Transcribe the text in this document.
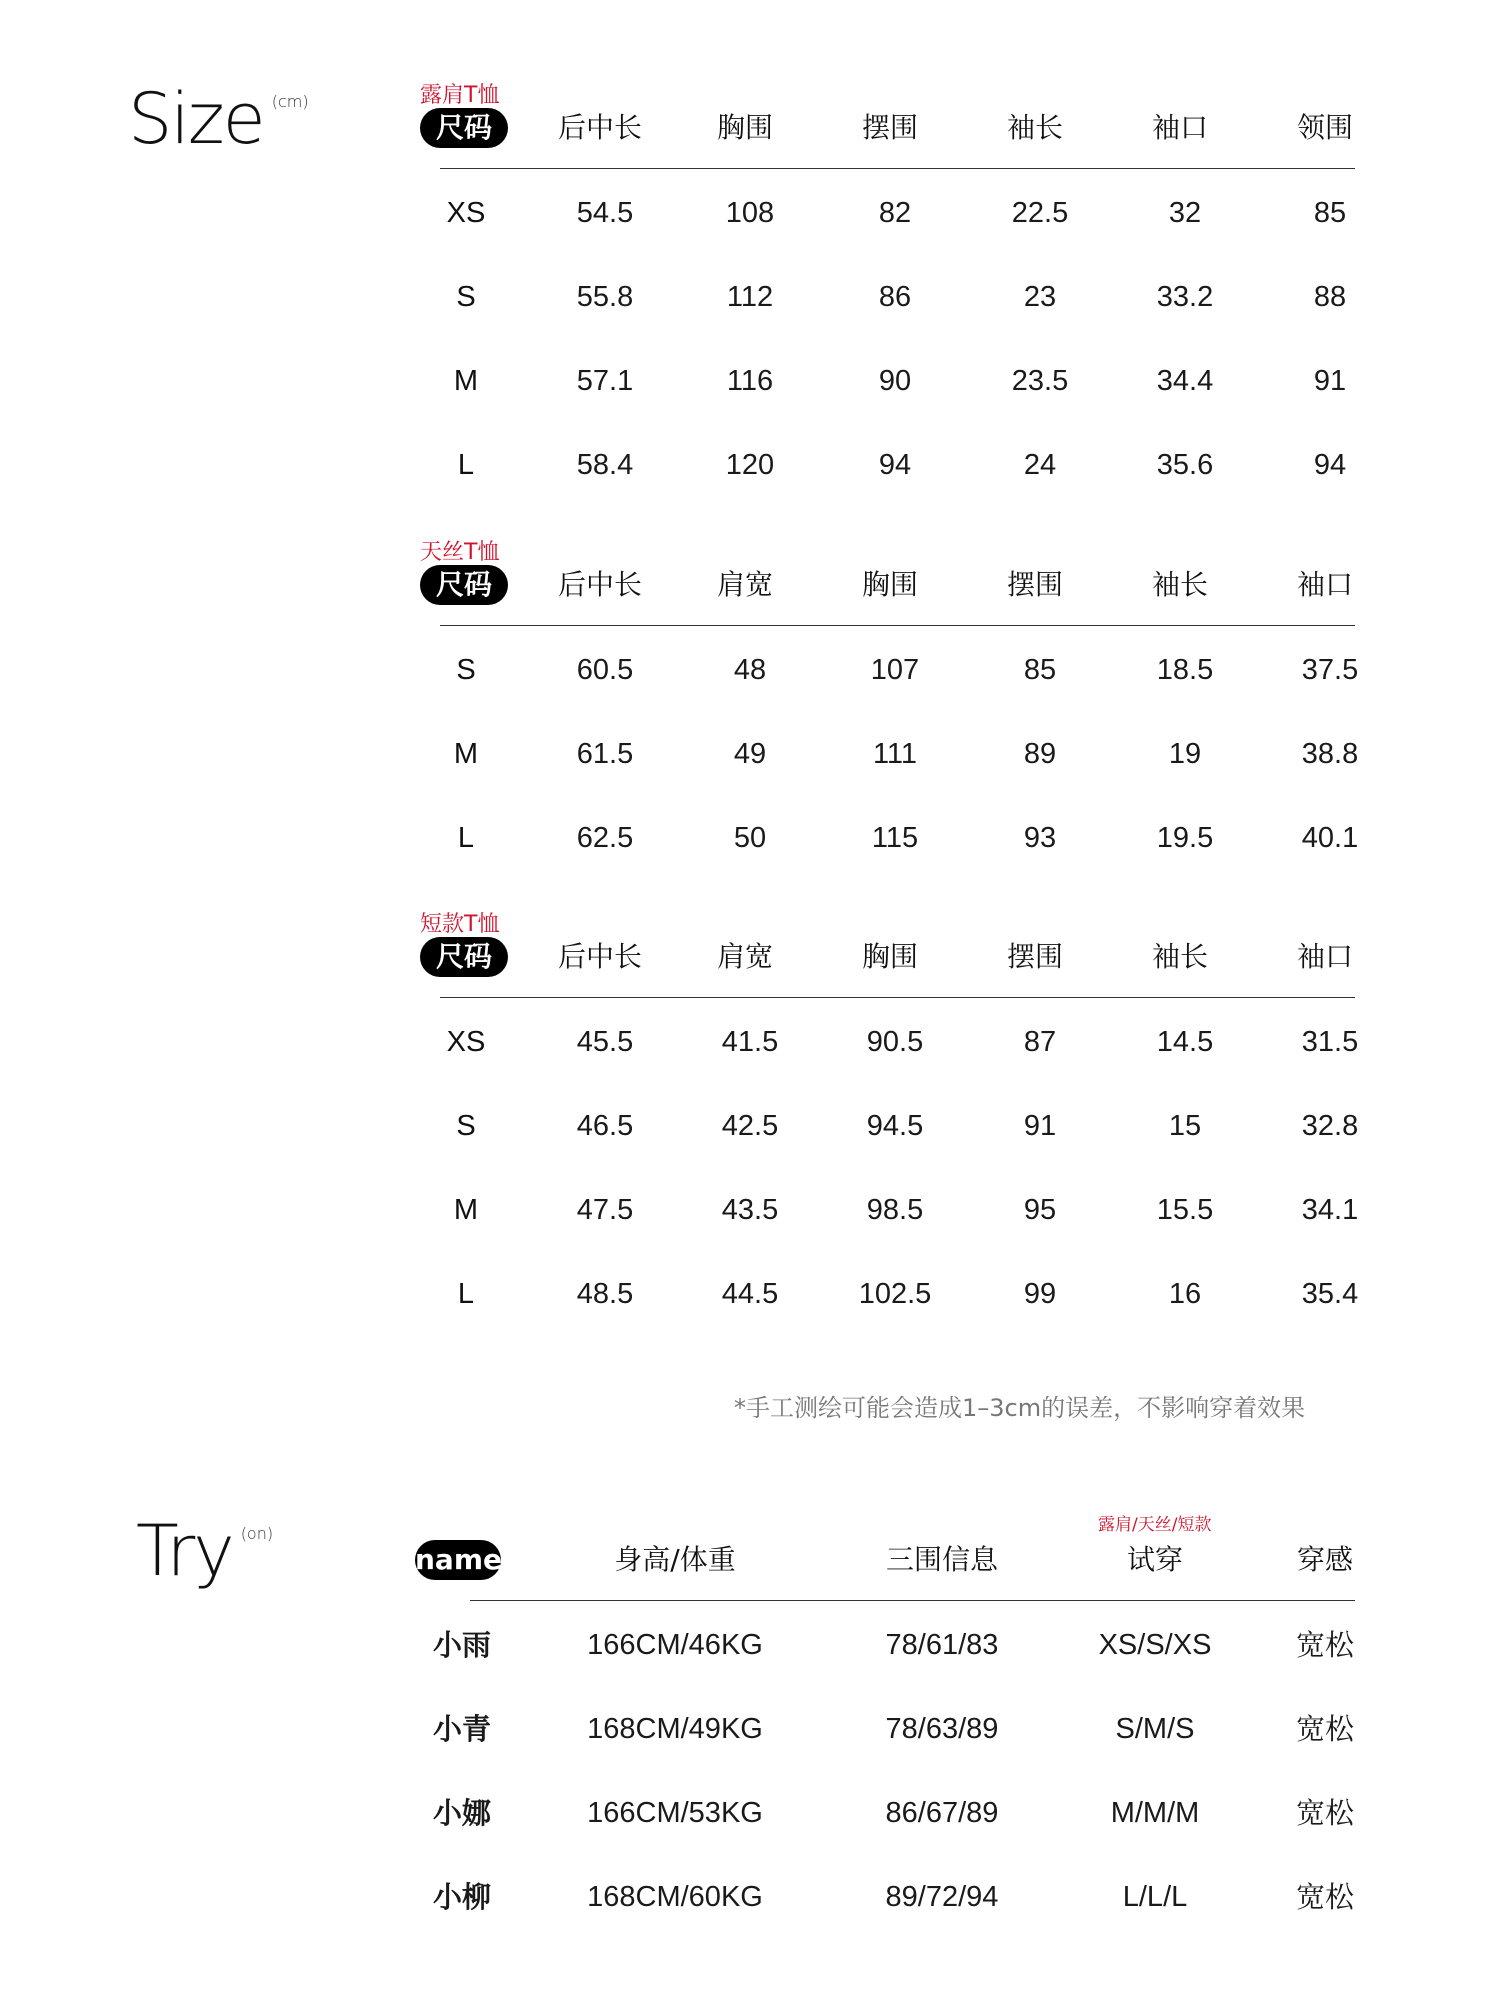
Size $^{(cm)}$	露肩T恤
尺码	后中长	胸围	摆围	袖长	袖口	领围
XS	54.5	108	82	22.5	32	85
S	55.8	112	86	23	33.2	88
M	57.1	116	90	23.5	34.4	91
L	58.4	120	94	24	35.6	94
天丝T恤
尺码	后中长	肩宽	胸围	摆围	袖长	袖口
S	60.5	48	107	85	18.5	37.5
M	61.5	49	111	89	19	38.8
L	62.5	50	115	93	19.5	40.1
短款T恤
尺码	后中长	肩宽	胸围	摆围	袖长	袖口
XS	45.5	41.5	90.5	87	14.5	31.5
S	46.5	42.5	94.5	91	15	32.8
M	47.5	43.5	98.5	95	15.5	34.1
L	48.5	44.5	102.5	99	16	35.4
*手工测绘可能会造成1–3cm的误差，不影响穿着效果
Try $^{(on)}$	露肩/天丝/短款
name	身高/体重	三围信息	试穿	穿感
小雨	166CM/46KG	78/61/83	XS/S/XS	宽松
小青	168CM/49KG	78/63/89	S/M/S	宽松
小娜	166CM/53KG	86/67/89	M/M/M	宽松
小柳	168CM/60KG	89/72/94	L/L/L	宽松
